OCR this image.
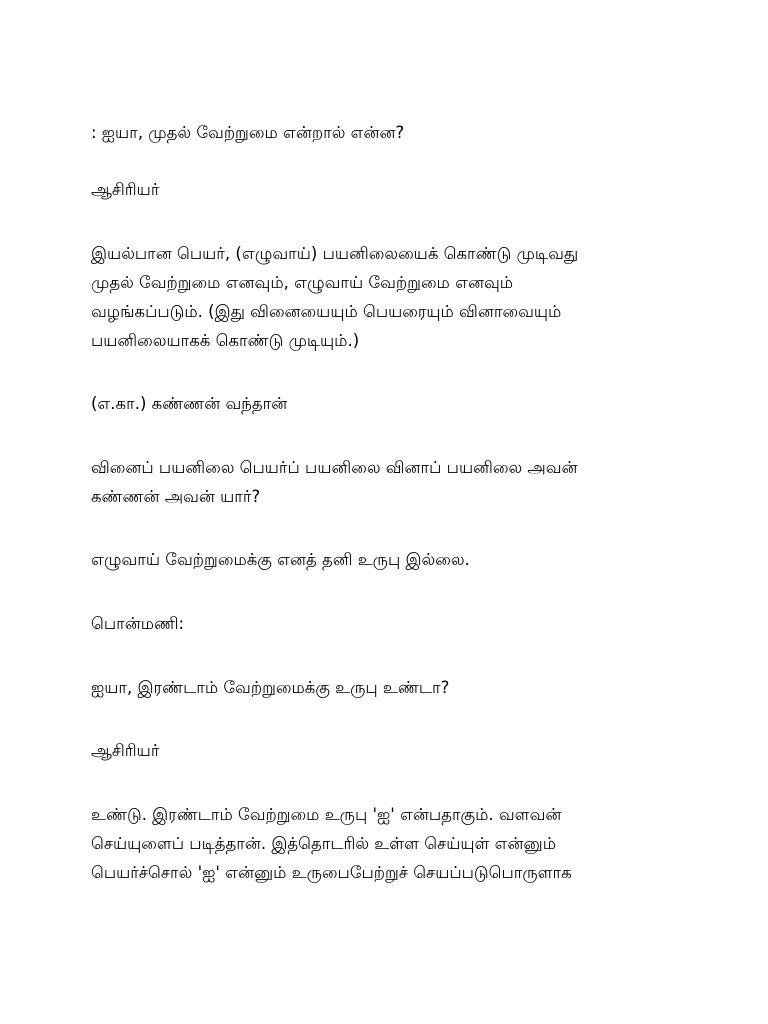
: ஐயா, முதல் வேற்றுமை என்றால் என்ன?

ஆசிரியர்

இயல்பான பெயர், (எழுவாய்) பயனிலையைக் கொண்டு முடிவது
முதல் வேற்றுமை எனவும், எழுவாய் வேற்றுமை எனவும்
வழங்கப்படும். (இது வினையையும் பெயரையும் வினாவையும்
பயனிலையாகக் கொண்டு முடியும்.)

(எ.கா.) கண்ணன் வந்தான்

வினைப் பயனிலை பெயர்ப் பயனிலை வினாப் பயனிலை அவன்
கண்ணன் அவன் யார்?

எழுவாய் வேற்றுமைக்கு எனத் தனி உருபு இல்லை.

பொன்மணி:

ஐயா, இரண்டாம் வேற்றுமைக்கு உருபு உண்டா?

ஆசிரியர்

உண்டு. இரண்டாம் வேற்றுமை உருபு 'ஐ' என்பதாகும். வளவன்
செய்யுளைப் படித்தான். இத்தொடரில் உள்ள செய்யுள் என்னும்
பெயர்ச்சொல் 'ஐ' என்னும் உருபைபேற்றுச் செயப்படுபொருளாக
